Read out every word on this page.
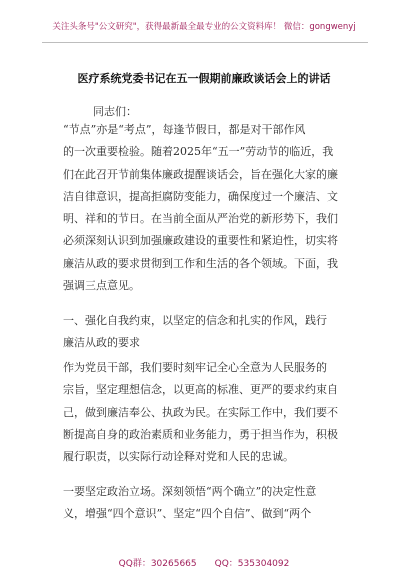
关注头条号"公文研究"，获得最新最全最专业的公文资料库！ 微信：gongwenyj
医疗系统党委书记在五一假期前廉政谈话会上的讲话
同志们：
“节点”亦是“考点”，每逢节假日，都是对干部作风
的一次重要检验。随着2025年“五一”劳动节的临近，我
们在此召开节前集体廉政提醒谈话会，旨在强化大家的廉
洁自律意识，提高拒腐防变能力，确保度过一个廉洁、文
明、祥和的节日。在当前全面从严治党的新形势下，我们
必须深刻认识到加强廉政建设的重要性和紧迫性，切实将
廉洁从政的要求贯彻到工作和生活的各个领域。下面，我
强调三点意见。
一、强化自我约束，以坚定的信念和扎实的作风，践行
廉洁从政的要求
作为党员干部，我们要时刻牢记全心全意为人民服务的
宗旨，坚定理想信念，以更高的标准、更严的要求约束自
己，做到廉洁奉公、执政为民。在实际工作中，我们要不
断提高自身的政治素质和业务能力，勇于担当作为，积极
履行职责，以实际行动诠释对党和人民的忠诚。
一要坚定政治立场。深刻领悟“两个确立”的决定性意
义，增强“四个意识”、坚定“四个自信”、做到“两个
QQ群：30265665 QQ：535304092
